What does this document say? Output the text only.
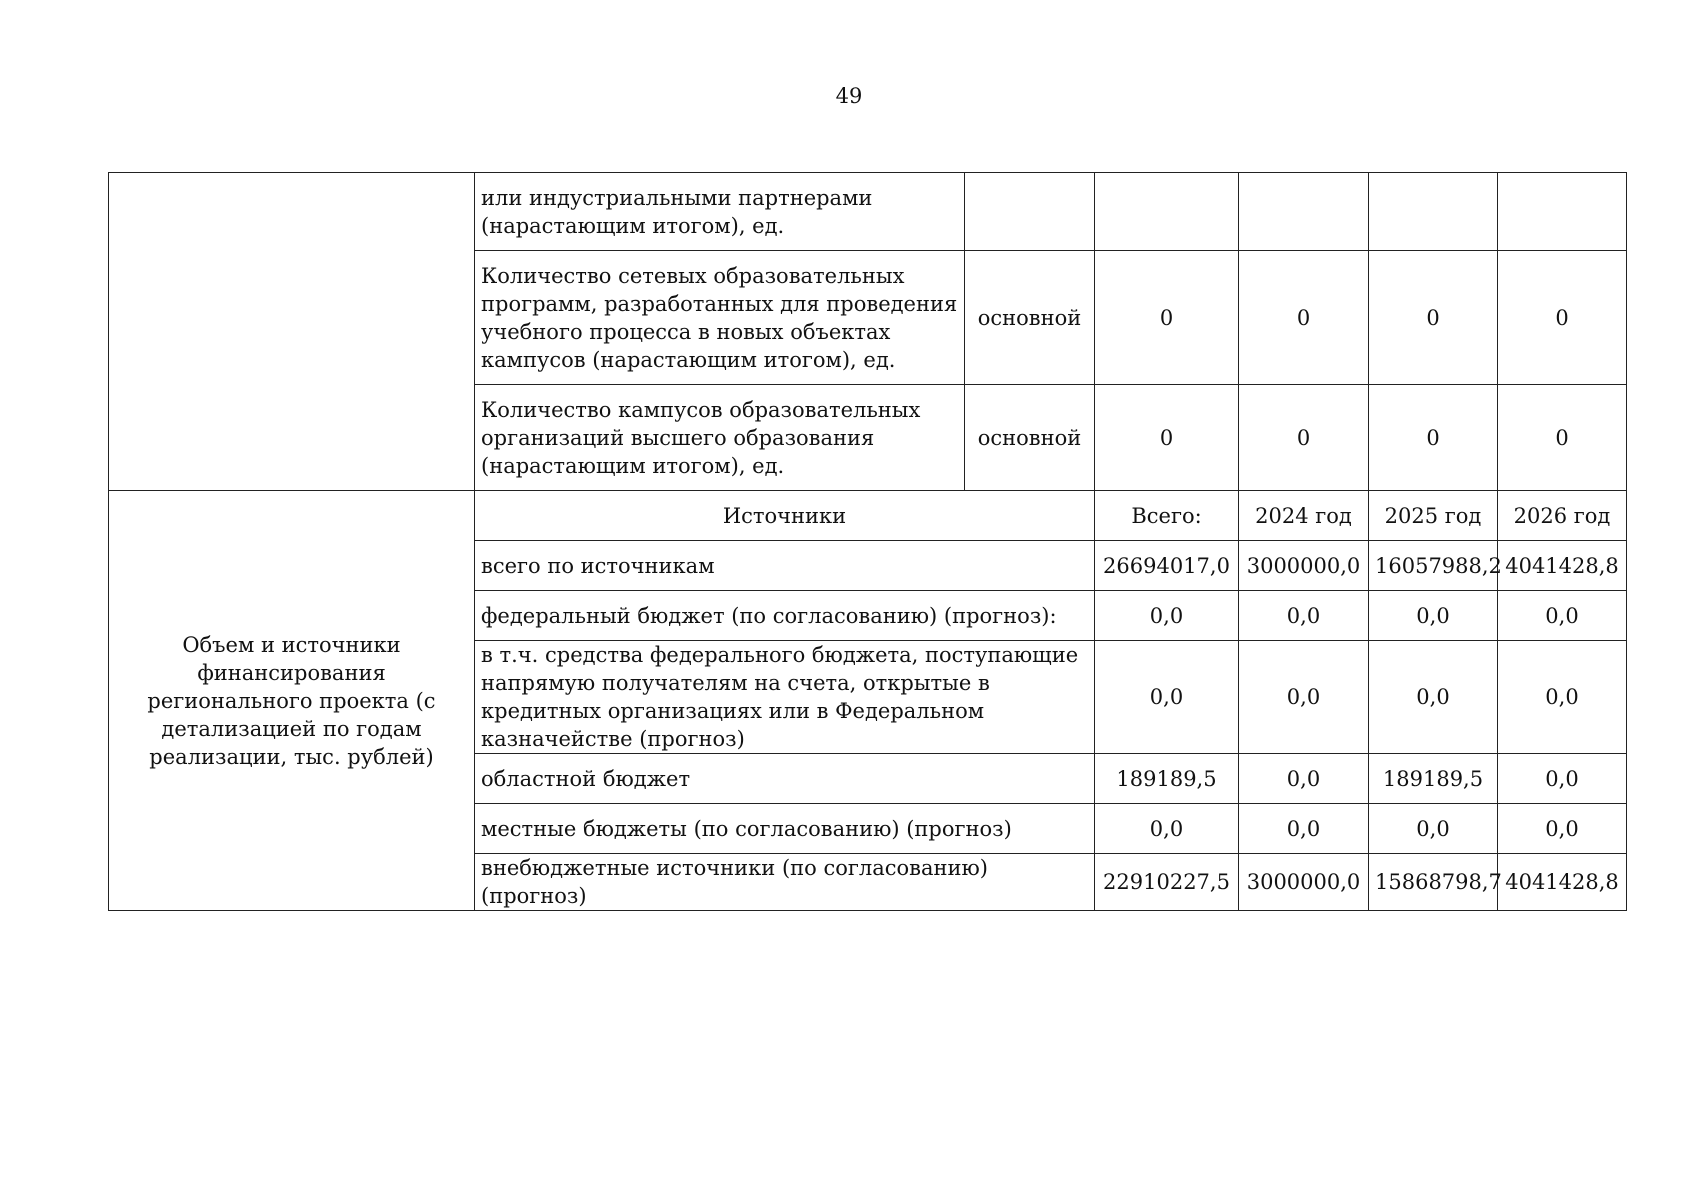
49
	или индустриальными партнерами (нарастающим итогом), ед.					
	Количество сетевых образовательных программ, разработанных для проведения учебного процесса в новых объектах кампусов (нарастающим итогом), ед.	основной	0	0	0	0
	Количество кампусов образовательных организаций высшего образования (нарастающим итогом), ед.	основной	0	0	0	0
Объем и источники финансирования регионального проекта (с детализацией по годам реализации, тыс. рублей)	Источники		Всего:	2024 год	2025 год	2026 год
	всего по источникам		26694017,0	3000000,0	16057988,2	4041428,8
	федеральный бюджет (по согласованию) (прогноз):		0,0	0,0	0,0	0,0
	в т.ч. средства федерального бюджета, поступающие напрямую получателям на счета, открытые в кредитных организациях или в Федеральном казначействе (прогноз)		0,0	0,0	0,0	0,0
	областной бюджет		189189,5	0,0	189189,5	0,0
	местные бюджеты (по согласованию) (прогноз)		0,0	0,0	0,0	0,0
	внебюджетные источники (по согласованию) (прогноз)		22910227,5	3000000,0	15868798,7	4041428,8
